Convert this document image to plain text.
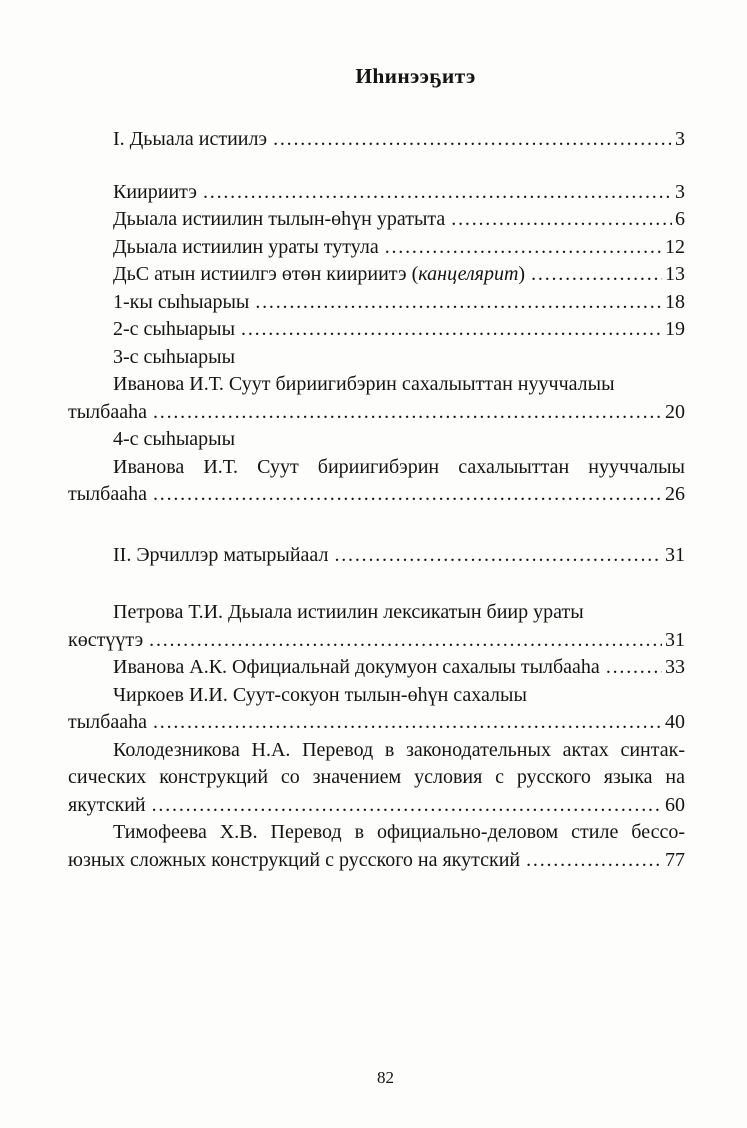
Иһинээҕитэ
I. Дьыала истиилэ .....	3
Киириитэ .....	3
Дьыала истиилин тылын-өһүн уратыта .....	6
Дьыала истиилин ураты тутула .....	12
ДьС атын истиилгэ өтөн киириитэ (канцелярит) .....	13
1-кы сыһыарыы .....	18
2-с сыһыарыы .....	19
3-с сыһыарыы
Иванова И.Т. Суут бириигибэрин сахалыыттан нууччалыы
тылбааһа .....	20
4-с сыһыарыы
Иванова И.Т. Суут бириигибэрин сахалыыттан нууччалыы
тылбааһа .....	26
II. Эрчиллэр матырыйаал .....	31
Петрова Т.И. Дьыала истиилин лексикатын биир ураты
көстүүтэ .....	31
Иванова А.К. Официальнай докумуон сахалыы тылбааһа .....	33
Чиркоев И.И. Суут-сокуон тылын-өһүн сахалыы
тылбааһа .....	40
Колодезникова Н.А. Перевод в законодательных актах синтак-
сических конструкций со значением условия с русского языка на
якутский .....	60
Тимофеева Х.В. Перевод в официально-деловом стиле бессо-
юзных сложных конструкций с русского на якутский .....	77
82
